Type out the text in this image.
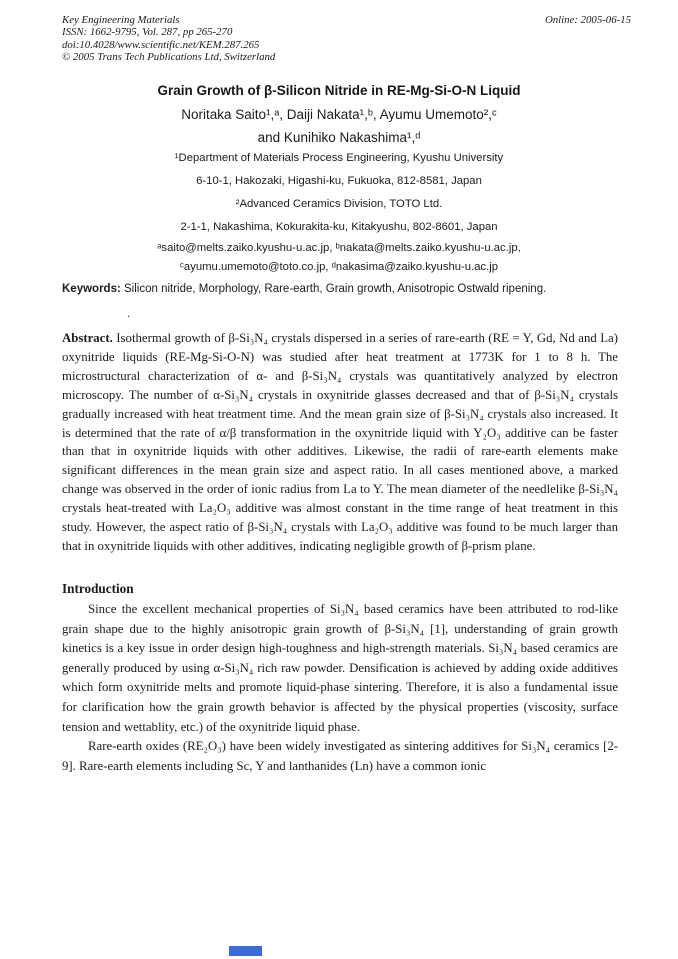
Key Engineering Materials
ISSN: 1662-9795, Vol. 287, pp 265-270
doi:10.4028/www.scientific.net/KEM.287.265
© 2005 Trans Tech Publications Ltd, Switzerland
Online: 2005-06-15
Grain Growth of β-Silicon Nitride in RE-Mg-Si-O-N Liquid
Noritaka Saito¹,ᵃ, Daiji Nakata¹,ᵇ, Ayumu Umemoto²,ᶜ
and Kunihiko Nakashima¹,ᵈ
¹Department of Materials Process Engineering, Kyushu University
6-10-1, Hakozaki, Higashi-ku, Fukuoka, 812-8581, Japan
²Advanced Ceramics Division, TOTO Ltd.
2-1-1, Nakashima, Kokurakita-ku, Kitakyushu, 802-8601, Japan
ᵃsaito@melts.zaiko.kyushu-u.ac.jp, ᵇnakata@melts.zaiko.kyushu-u.ac.jp,
ᶜayumu.umemoto@toto.co.jp, ᵈnakasima@zaiko.kyushu-u.ac.jp
Keywords: Silicon nitride, Morphology, Rare-earth, Grain growth, Anisotropic Ostwald ripening.
.
Abstract. Isothermal growth of β-Si₃N₄ crystals dispersed in a series of rare-earth (RE = Y, Gd, Nd and La) oxynitride liquids (RE-Mg-Si-O-N) was studied after heat treatment at 1773K for 1 to 8 h. The microstructural characterization of α- and β-Si₃N₄ crystals was quantitatively analyzed by electron microscopy. The number of α-Si₃N₄ crystals in oxynitride glasses decreased and that of β-Si₃N₄ crystals gradually increased with heat treatment time. And the mean grain size of β-Si₃N₄ crystals also increased. It is determined that the rate of α/β transformation in the oxynitride liquid with Y₂O₃ additive can be faster than that in oxynitride liquids with other additives. Likewise, the radii of rare-earth elements make significant differences in the mean grain size and aspect ratio. In all cases mentioned above, a marked change was observed in the order of ionic radius from La to Y. The mean diameter of the needlelike β-Si₃N₄ crystals heat-treated with La₂O₃ additive was almost constant in the time range of heat treatment in this study. However, the aspect ratio of β-Si₃N₄ crystals with La₂O₃ additive was found to be much larger than that in oxynitride liquids with other additives, indicating negligible growth of β-prism plane.
Introduction

Since the excellent mechanical properties of Si₃N₄ based ceramics have been attributed to rod-like grain shape due to the highly anisotropic grain growth of β-Si₃N₄ [1], understanding of grain growth kinetics is a key issue in order design high-toughness and high-strength materials. Si₃N₄ based ceramics are generally produced by using α-Si₃N₄ rich raw powder. Densification is achieved by adding oxide additives which form oxynitride melts and promote liquid-phase sintering. Therefore, it is also a fundamental issue for clarification how the grain growth behavior is affected by the physical properties (viscosity, surface tension and wettablity, etc.) of the oxynitride liquid phase.

Rare-earth oxides (RE₂O₃) have been widely investigated as sintering additives for Si₃N₄ ceramics [2-9]. Rare-earth elements including Sc, Y and lanthanides (Ln) have a common ionic
